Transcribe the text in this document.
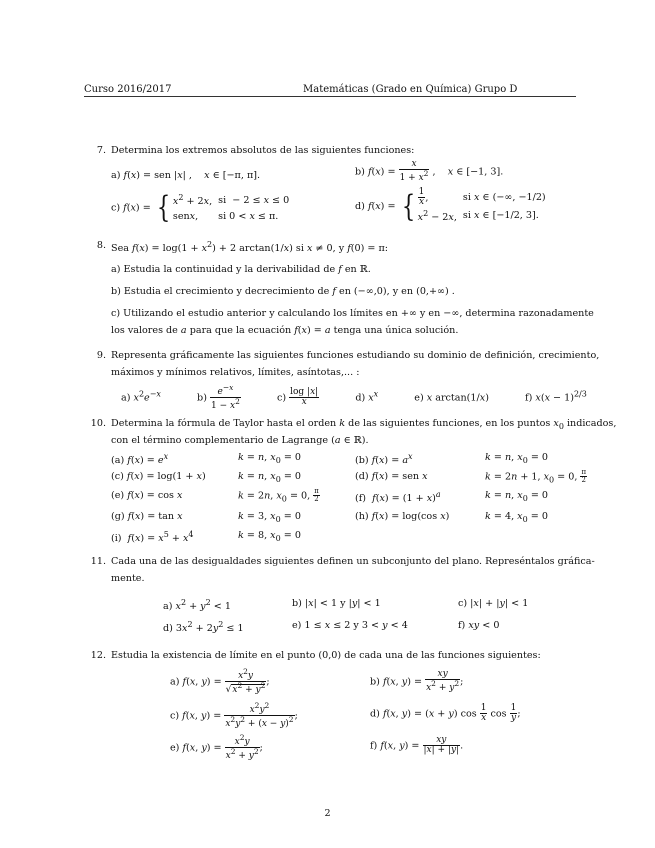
Curso 2016/2017	Matemáticas (Grado en Química) Grupo D
7. Determina los extremos absolutos de las siguientes funciones:
a) f(x) = sen |x| ,    x ∈ [−π, π].	b) $f(x) = \frac{x}{1 + x^2}$ ,    x ∈ [−1, 3].
c) f(x) = { $x^2 + 2x$,	si  − 2 ≤ x ≤ 0
senx,	si 0 < x ≤ π.
d) f(x) = { $\frac{1}{x}$ ,	si x ∈ (−∞, −1/2)
$x^2 - 2x$,	si x ∈ [−1/2, 3].
8. Sea $f(x) = \log(1 + x^2) + 2$ arctan(1/x) si x ≠ 0, y f(0) = π:
a) Estudia la continuidad y la derivabilidad de f en ℝ.
b) Estudia el crecimiento y decrecimiento de f en (−∞,0), y en (0,+∞) .
c) Utilizando el estudio anterior y calculando los límites en +∞ y en −∞, determina razonadamente
los valores de a para que la ecuación f(x) = a tenga una única solución.
9. Representa gráficamente las siguientes funciones estudiando su dominio de definición, crecimiento,
máximos y mínimos relativos, límites, asíntotas,... :
a) $x^2e^{-x}$	$b) \frac{e^{-x}}{1 - x^2}$	$c) \frac{\log |x|}{x}$	d) $x^x$	e) x arctan(1/x)	f) $x(x - 1)^{2/3}$
10. Determina la fórmula de Taylor hasta el orden k de las siguientes funciones, en los puntos $x_0$ indicados,
con el término complementario de Lagrange (a ∈ ℝ).
(a) $f(x) = e^x$	k = n, $x_0 = 0$	(b) $f(x) = a^x$	k = n, $x_0 = 0$
(c) f(x) = log(1 + x)	k = n, $x_0 = 0$	(d) f(x) = sen x	k = 2n + 1, $x_0 = 0$, $\frac{\pi}{2}$
(e) f(x) = cos x	k = 2n, $x_0 = 0$, $\frac{\pi}{2}$	(f)  $f(x) = (1 + x)^a$	k = n, $x_0 = 0$
(g) f(x) = tan x	k = 3, $x_0 = 0$	(h) f(x) = log(cos x)	k = 4, $x_0 = 0$
(i)  $f(x) = x^5 + x^4$	k = 8, $x_0 = 0$
11. Cada una de las desigualdades siguientes definen un subconjunto del plano. Represéntalos gráfica-
mente.
a) $x^2 + y^2 < 1$	b) |x| < 1 y |y| < 1	c) |x| + |y| < 1
d) $3x^2 + 2y^2 \le 1$	e) 1 ≤ x ≤ 2 y 3 < y < 4	f) xy < 0
12. Estudia la existencia de límite en el punto (0,0) de cada una de las funciones siguientes:
a) f(x, $y) = \frac{x^2y}{√x^2 + y^2}$ ;	b) f(x, $y) = \frac{xy}{x^2 + y^2}$ ;
c) f(x, $y) = \frac{x^2y^2}{x^2y^2 + (x - y)^2}$ ;	d) f(x, y) = (x + y) $\cos \frac{1}{x}$ $\cos \frac{1}{y}$ ;
e) f(x, $y) = \frac{x^2y}{x^2 + y^2}$ ;	f) f(x, $y) = \frac{xy}{|x| + |y|}$ .
2
